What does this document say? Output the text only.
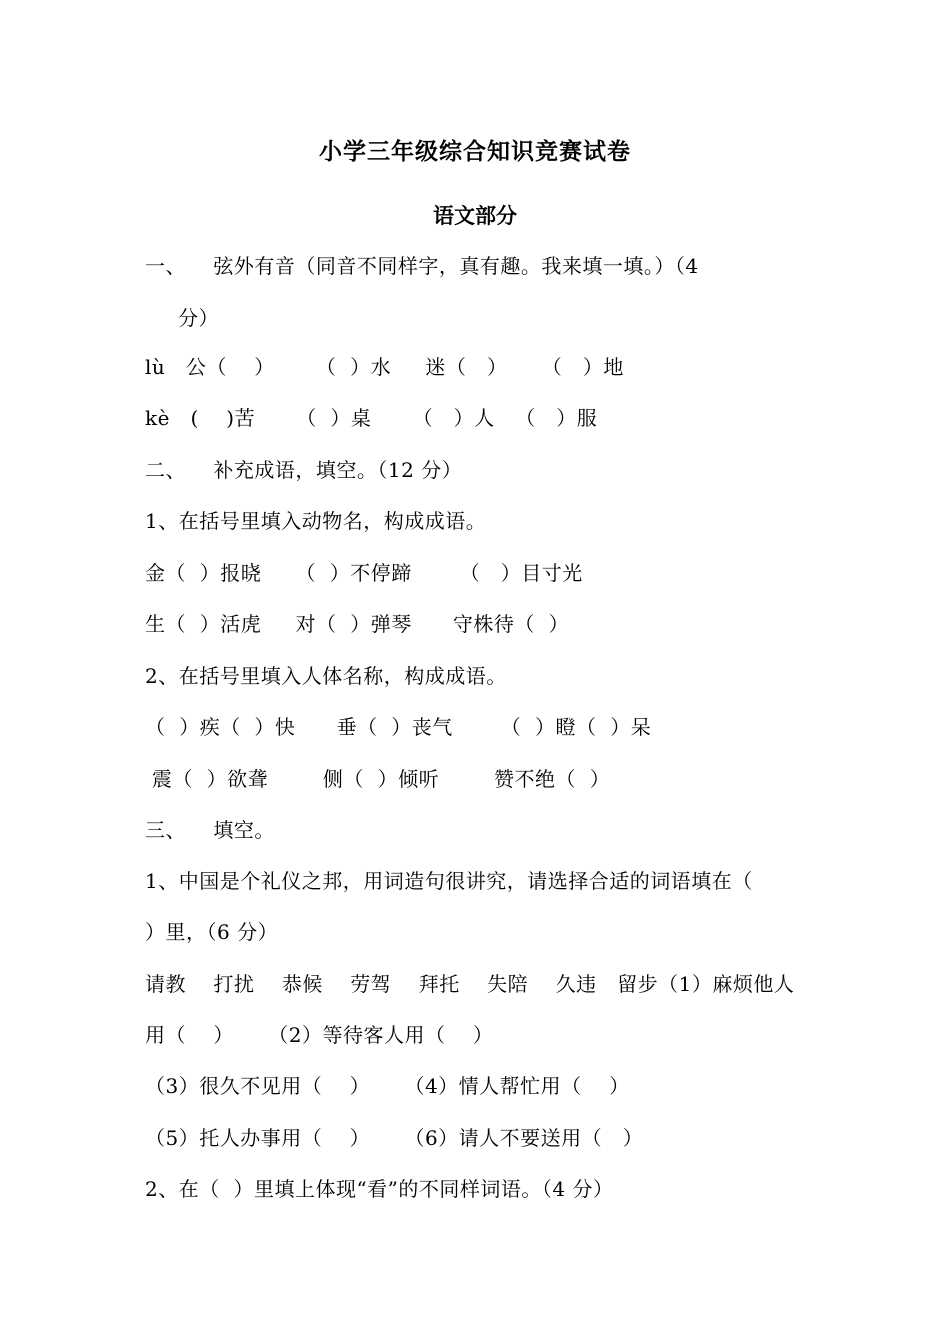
小学三年级综合知识竞赛试卷
语文部分
一、    弦外有音（同音不同样字，真有趣。我来填一填。）（4
分）
lù   公（    ）      （  ）水     迷（   ）     （   ）地
kè   (    )苦      （  ）桌      （   ）人   （   ）服
二、    补充成语，填空。（12 分）
1、在括号里填入动物名，构成成语。
金（  ）报晓     （  ）不停蹄       （   ）目寸光
生（  ）活虎     对（  ）弹琴      守株待（  ）
2、在括号里填入人体名称，构成成语。
（  ）疾（  ）快      垂（  ）丧气       （  ）瞪（  ）呆
震（  ）欲聋        侧（  ）倾听        赞不绝（  ）
三、    填空。
1、中国是个礼仪之邦，用词造句很讲究，请选择合适的词语填在（
）里，（6 分）
请教    打扰    恭候    劳驾    拜托    失陪    久违   留步（1）麻烦他人
用（    ）     （2）等待客人用（    ）
（3）很久不见用（    ）     （4）情人帮忙用（    ）
（5）托人办事用（    ）     （6）请人不要送用（   ）
2、在（  ）里填上体现“看”的不同样词语。（4 分）
